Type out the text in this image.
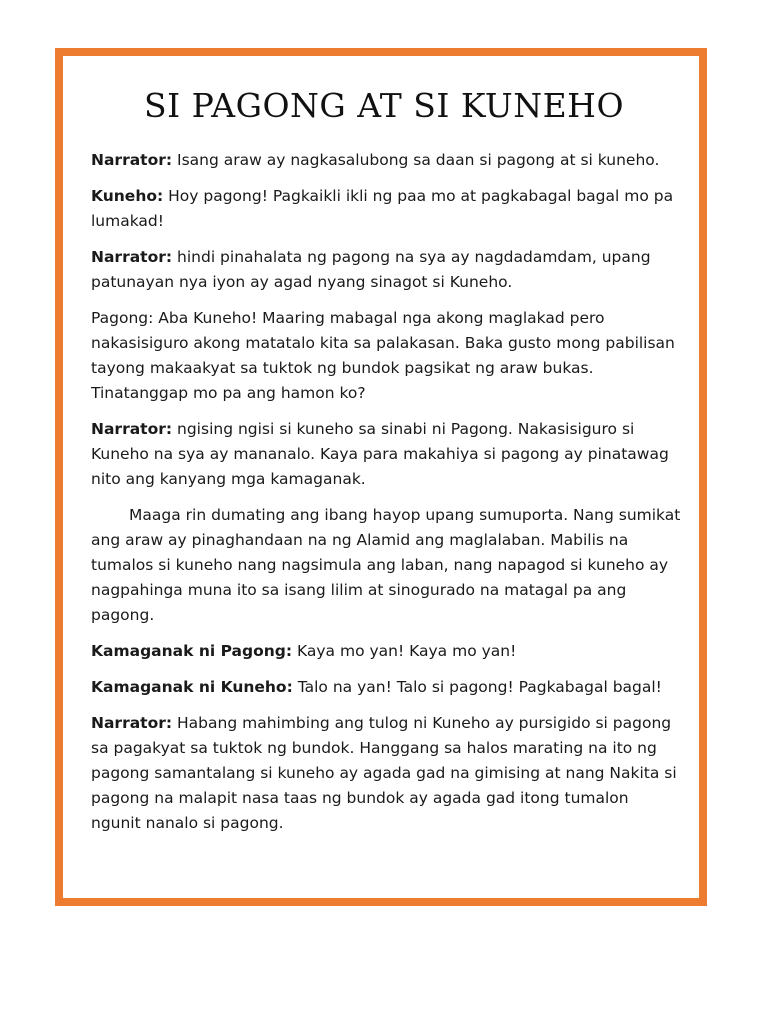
SI PAGONG AT SI KUNEHO

Narrator: Isang araw ay nagkasalubong sa daan si pagong at si kuneho.

Kuneho: Hoy pagong! Pagkaikli ikli ng paa mo at pagkabagal bagal mo pa lumakad!

Narrator: hindi pinahalata ng pagong na sya ay nagdadamdam, upang patunayan nya iyon ay agad nyang sinagot si Kuneho.

Pagong: Aba Kuneho! Maaring mabagal nga akong maglakad pero nakasisiguro akong matatalo kita sa palakasan. Baka gusto mong pabilisan tayong makaakyat sa tuktok ng bundok pagsikat ng araw bukas. Tinatanggap mo pa ang hamon ko?

Narrator: ngising ngisi si kuneho sa sinabi ni Pagong. Nakasisiguro si Kuneho na sya ay mananalo. Kaya para makahiya si pagong ay pinatawag nito ang kanyang mga kamaganak.

Maaga rin dumating ang ibang hayop upang sumuporta. Nang sumikat ang araw ay pinaghandaan na ng Alamid ang maglalaban. Mabilis na tumalos si kuneho nang nagsimula ang laban, nang napagod si kuneho ay nagpahinga muna ito sa isang lilim at sinogurado na matagal pa ang pagong.

Kamaganak ni Pagong: Kaya mo yan! Kaya mo yan!

Kamaganak ni Kuneho: Talo na yan! Talo si pagong! Pagkabagal bagal!

Narrator: Habang mahimbing ang tulog ni Kuneho ay pursigido si pagong sa pagakyat sa tuktok ng bundok. Hanggang sa halos marating na ito ng pagong samantalang si kuneho ay agada gad na gimising at nang Nakita si pagong na malapit nasa taas ng bundok ay agada gad itong tumalon ngunit nanalo si pagong.
